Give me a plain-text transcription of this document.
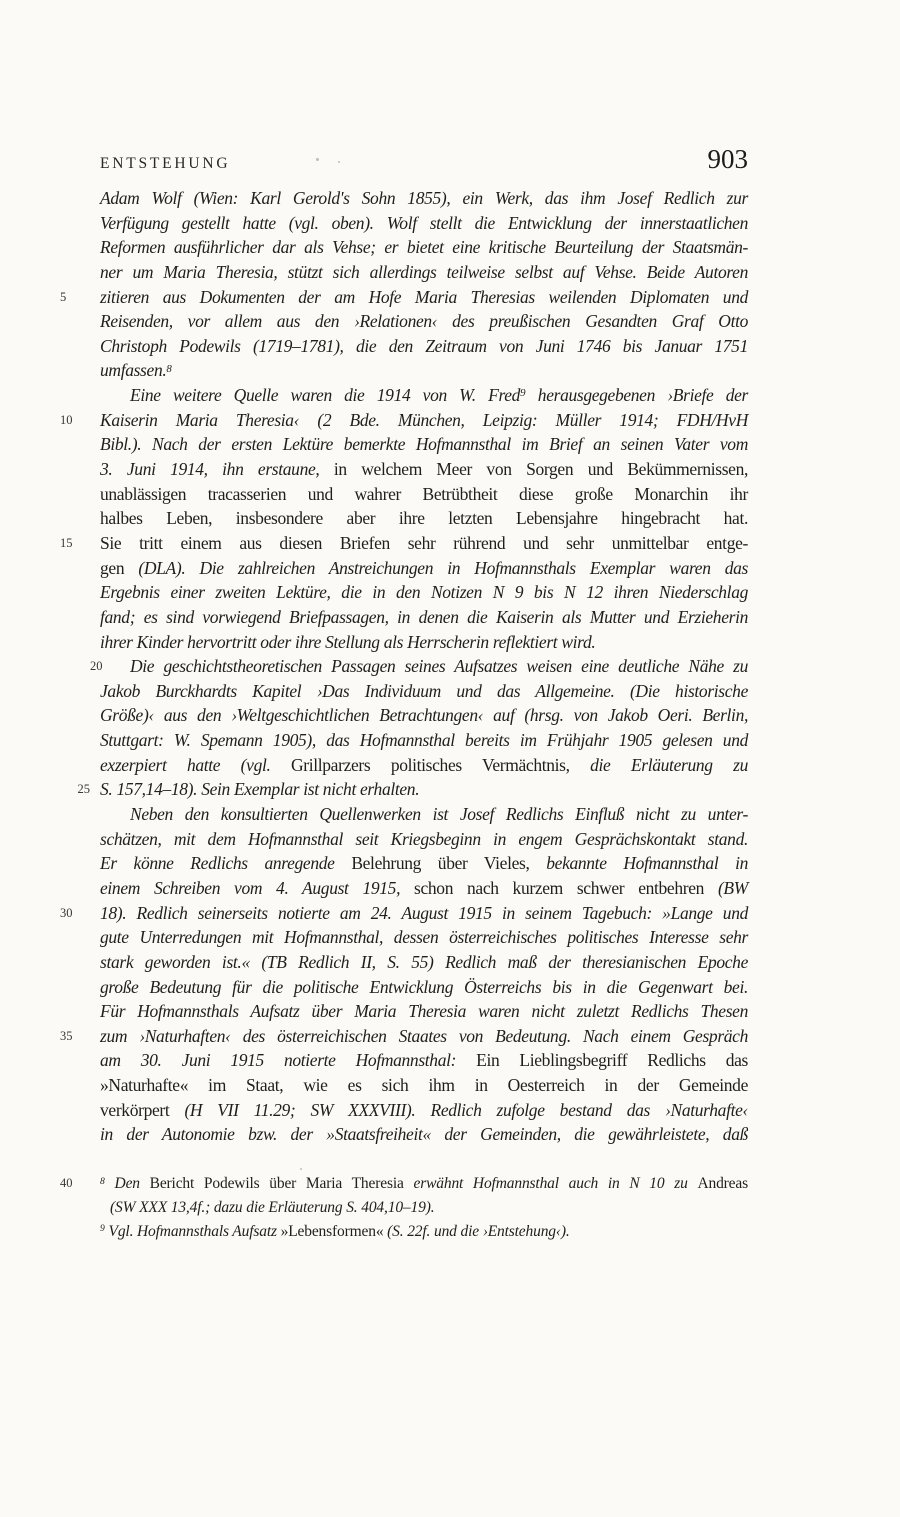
ENTSTEHUNG	903
Adam Wolf (Wien: Karl Gerold's Sohn 1855), ein Werk, das ihm Josef Redlich zur
Verfügung gestellt hatte (vgl. oben). Wolf stellt die Entwicklung der innerstaatlichen
Reformen ausführlicher dar als Vehse; er bietet eine kritische Beurteilung der Staatsmän-
ner um Maria Theresia, stützt sich allerdings teilweise selbst auf Vehse. Beide Autoren
5	zitieren aus Dokumenten der am Hofe Maria Theresias weilenden Diplomaten und
Reisenden, vor allem aus den ›Relationen‹ des preußischen Gesandten Graf Otto
Christoph Podewils (1719–1781), die den Zeitraum von Juni 1746 bis Januar 1751
umfassen.$^8$
Eine weitere Quelle waren die 1914 von W. Fred$^9$ herausgegebenen ›Briefe der
10	Kaiserin Maria Theresia‹ (2 Bde. München, Leipzig: Müller 1914; FDH/HvH
Bibl.). Nach der ersten Lektüre bemerkte Hofmannsthal im Brief an seinen Vater vom
3. Juni 1914, ihn erstaune, in welchem Meer von Sorgen und Bekümmernissen,
unablässigen tracasserien und wahrer Betrübtheit diese große Monarchin ihr
halbes Leben, insbesondere aber ihre letzten Lebensjahre hingebracht hat.
15	Sie tritt einem aus diesen Briefen sehr rührend und sehr unmittelbar entge-
gen (DLA). Die zahlreichen Anstreichungen in Hofmannsthals Exemplar waren das
Ergebnis einer zweiten Lektüre, die in den Notizen N 9 bis N 12 ihren Niederschlag
fand; es sind vorwiegend Briefpassagen, in denen die Kaiserin als Mutter und Erzieherin
ihrer Kinder hervortritt oder ihre Stellung als Herrscherin reflektiert wird.
20 Die geschichtstheoretischen Passagen seines Aufsatzes weisen eine deutliche Nähe zu
Jakob Burckhardts Kapitel ›Das Individuum und das Allgemeine. (Die historische
Größe)‹ aus den ›Weltgeschichtlichen Betrachtungen‹ auf (hrsg. von Jakob Oeri. Berlin,
Stuttgart: W. Spemann 1905), das Hofmannsthal bereits im Frühjahr 1905 gelesen und
exzerpiert hatte (vgl. Grillparzers politisches Vermächtnis, die Erläuterung zu
25 S. 157,14–18). Sein Exemplar ist nicht erhalten.
Neben den konsultierten Quellenwerken ist Josef Redlichs Einfluß nicht zu unter-
schätzen, mit dem Hofmannsthal seit Kriegsbeginn in engem Gesprächskontakt stand.
Er könne Redlichs anregende Belehrung über Vieles, bekannte Hofmannsthal in
einem Schreiben vom 4. August 1915, schon nach kurzem schwer entbehren (BW
30	18). Redlich seinerseits notierte am 24. August 1915 in seinem Tagebuch: »Lange und
gute Unterredungen mit Hofmannsthal, dessen österreichisches politisches Interesse sehr
stark geworden ist.« (TB Redlich II, S. 55) Redlich maß der theresianischen Epoche
große Bedeutung für die politische Entwicklung Österreichs bis in die Gegenwart bei.
Für Hofmannsthals Aufsatz über Maria Theresia waren nicht zuletzt Redlichs Thesen
35	zum ›Naturhaften‹ des österreichischen Staates von Bedeutung. Nach einem Gespräch
am 30. Juni 1915 notierte Hofmannsthal: Ein Lieblingsbegriff Redlichs das
»Naturhafte« im Staat, wie es sich ihm in Oesterreich in der Gemeinde
verkörpert (H VII 11.29; SW XXXVIII). Redlich zufolge bestand das ›Naturhafte‹
in der Autonomie bzw. der »Staatsfreiheit« der Gemeinden, die gewährleistete, daß
40	$^8$ Den Bericht Podewils über Maria Theresia erwähnt Hofmannsthal auch in N 10 zu Andreas
(SW XXX 13,4f.; dazu die Erläuterung S. 404,10–19).
$^9$ Vgl. Hofmannsthals Aufsatz »Lebensformen« (S. 22f. und die ›Entstehung‹).
